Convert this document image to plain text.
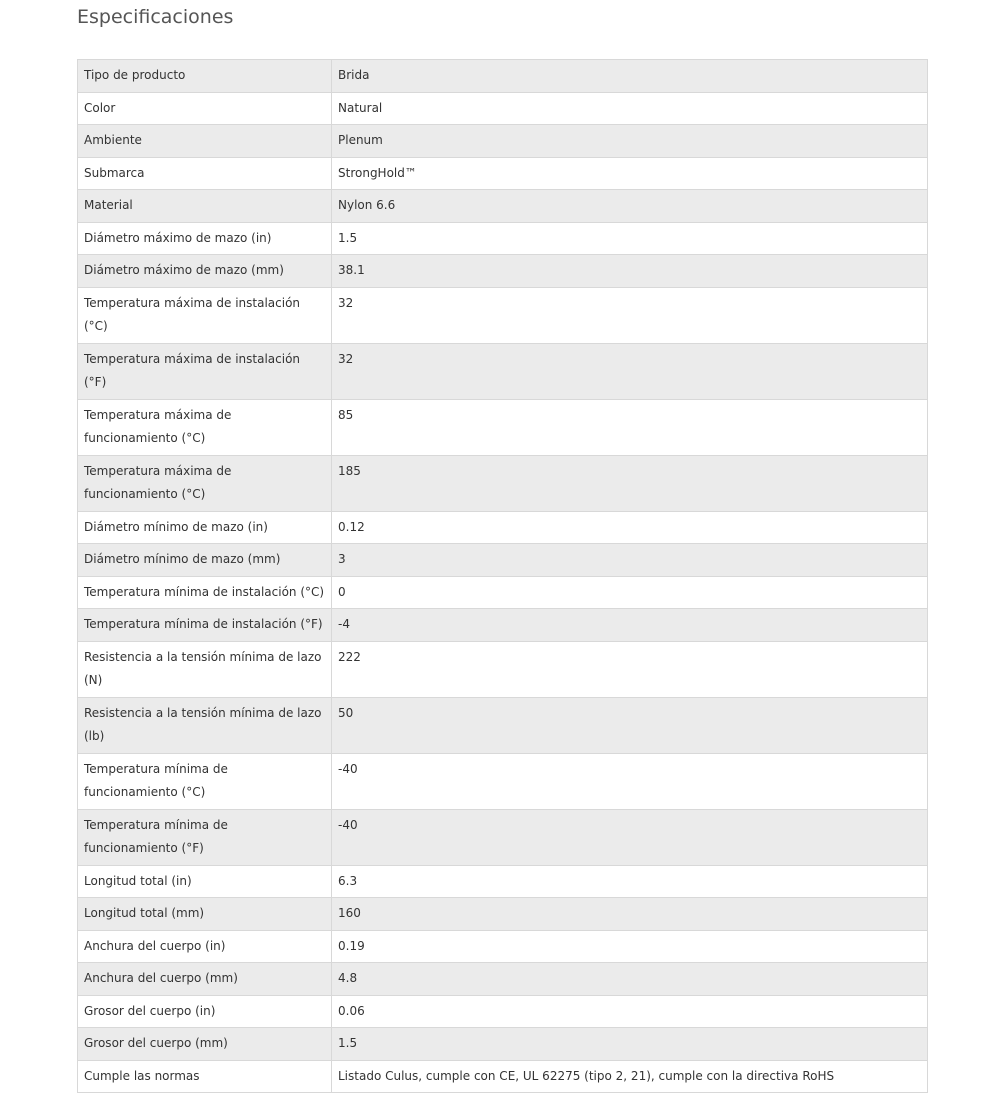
Especificaciones
Tipo de producto	Brida
Color	Natural
Ambiente	Plenum
Submarca	StrongHold™
Material	Nylon 6.6
Diámetro máximo de mazo (in)	1.5
Diámetro máximo de mazo (mm)	38.1
Temperatura máxima de instalación (°C)	32
Temperatura máxima de instalación (°F)	32
Temperatura máxima de funcionamiento (°C)	85
Temperatura máxima de funcionamiento (°C)	185
Diámetro mínimo de mazo (in)	0.12
Diámetro mínimo de mazo (mm)	3
Temperatura mínima de instalación (°C)	0
Temperatura mínima de instalación (°F)	-4
Resistencia a la tensión mínima de lazo (N)	222
Resistencia a la tensión mínima de lazo (lb)	50
Temperatura mínima de funcionamiento (°C)	-40
Temperatura mínima de funcionamiento (°F)	-40
Longitud total (in)	6.3
Longitud total (mm)	160
Anchura del cuerpo (in)	0.19
Anchura del cuerpo (mm)	4.8
Grosor del cuerpo (in)	0.06
Grosor del cuerpo (mm)	1.5
Cumple las normas	Listado Culus, cumple con CE, UL 62275 (tipo 2, 21), cumple con la directiva RoHS
